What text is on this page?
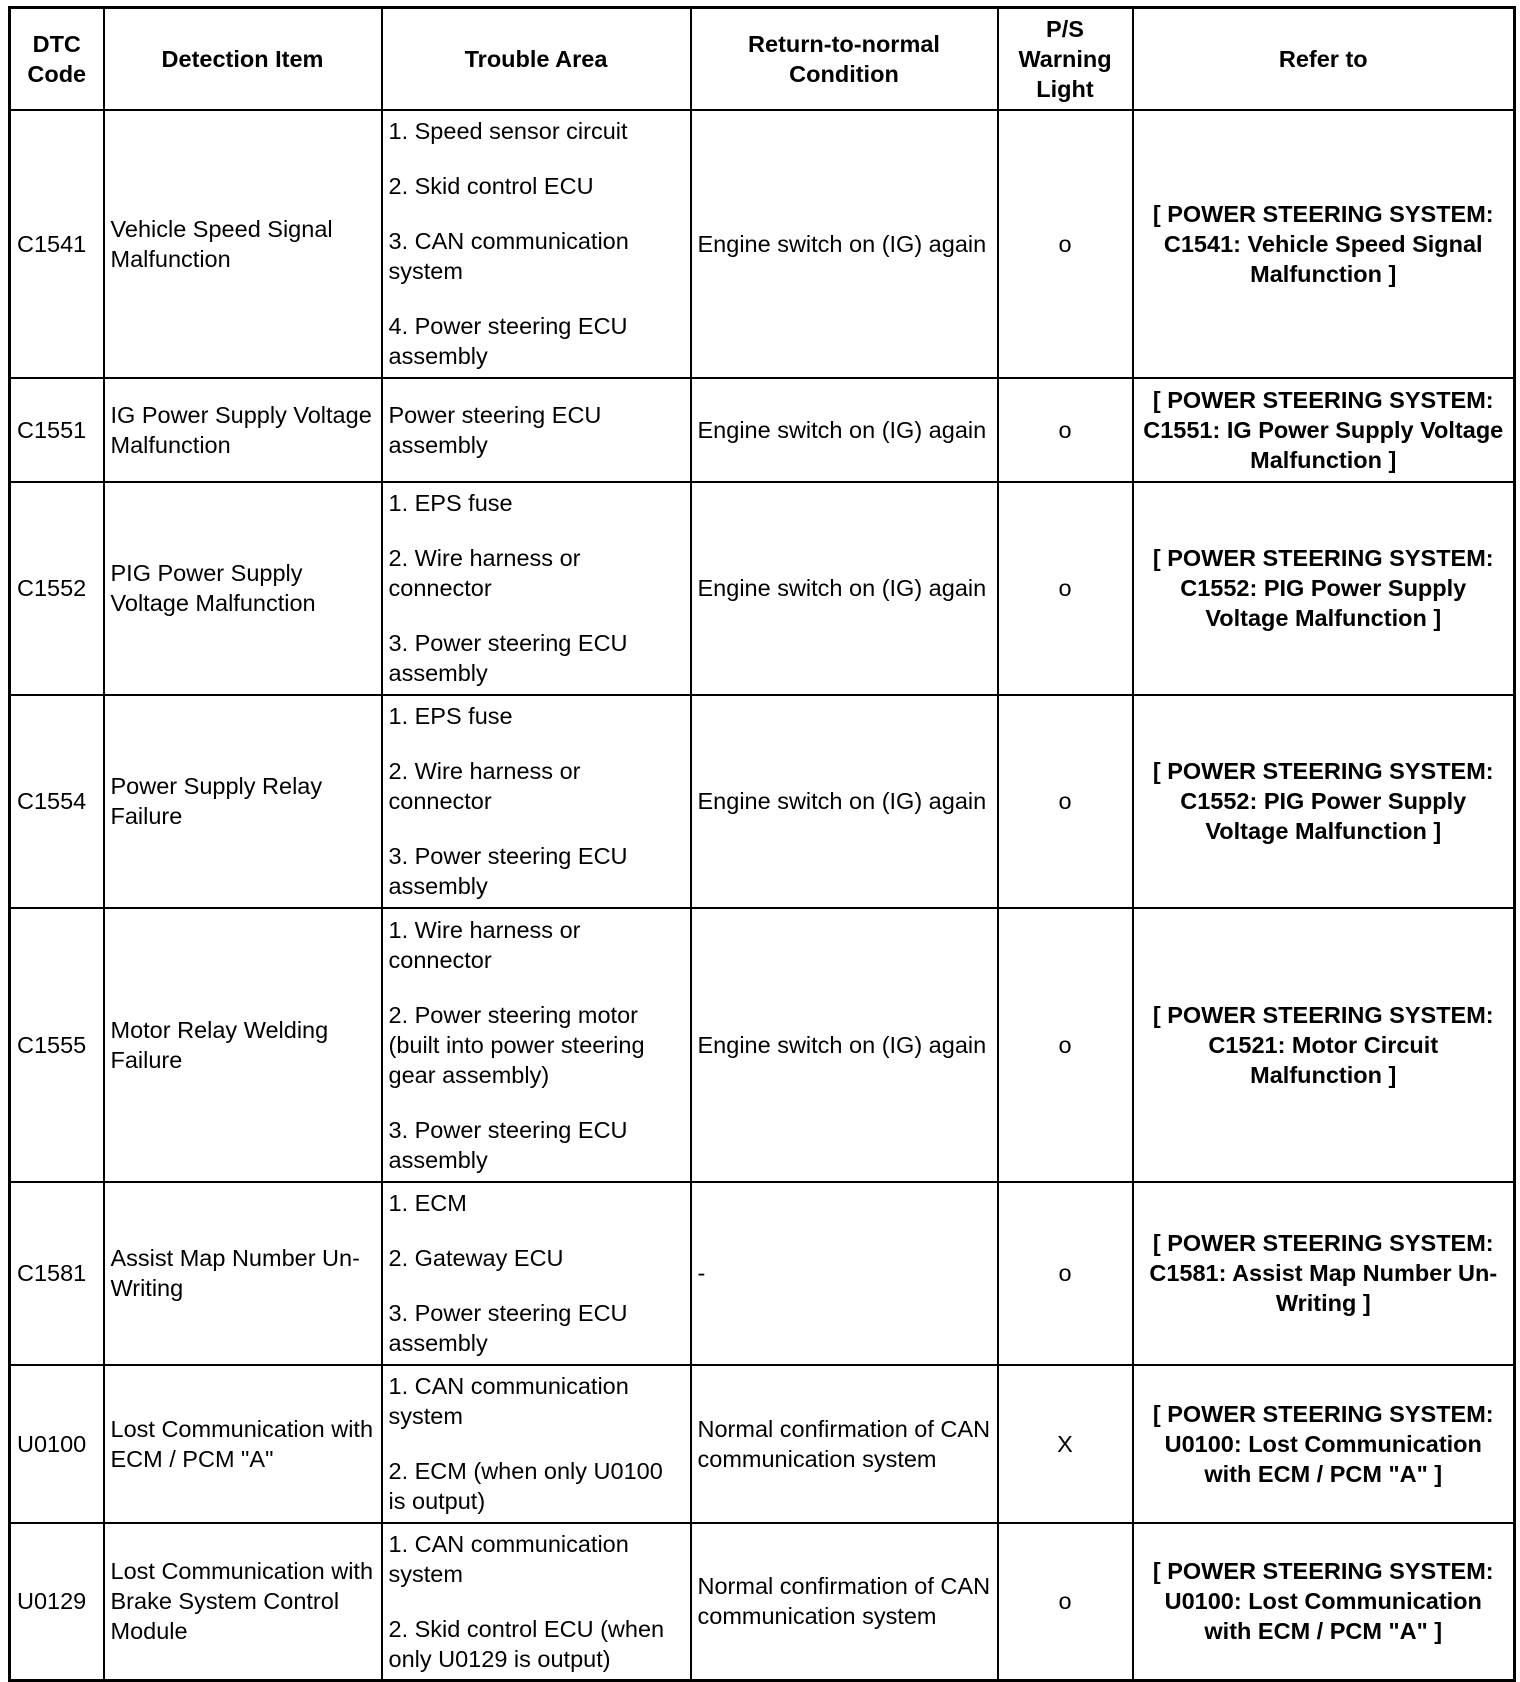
DTC Code	Detection Item	Trouble Area	Return-to-normal Condition	P/S Warning Light	Refer to
C1541	Vehicle Speed Signal Malfunction	1. Speed sensor circuit
2. Skid control ECU
3. CAN communication system
4. Power steering ECU assembly	Engine switch on (IG) again	o	[ POWER STEERING SYSTEM: C1541: Vehicle Speed Signal Malfunction ]
C1551	IG Power Supply Voltage Malfunction	Power steering ECU assembly	Engine switch on (IG) again	o	[ POWER STEERING SYSTEM: C1551: IG Power Supply Voltage Malfunction ]
C1552	PIG Power Supply Voltage Malfunction	1. EPS fuse
2. Wire harness or connector
3. Power steering ECU assembly	Engine switch on (IG) again	o	[ POWER STEERING SYSTEM: C1552: PIG Power Supply Voltage Malfunction ]
C1554	Power Supply Relay Failure	1. EPS fuse
2. Wire harness or connector
3. Power steering ECU assembly	Engine switch on (IG) again	o	[ POWER STEERING SYSTEM: C1552: PIG Power Supply Voltage Malfunction ]
C1555	Motor Relay Welding Failure	1. Wire harness or connector
2. Power steering motor (built into power steering gear assembly)
3. Power steering ECU assembly	Engine switch on (IG) again	o	[ POWER STEERING SYSTEM: C1521: Motor Circuit Malfunction ]
C1581	Assist Map Number Un-Writing	1. ECM
2. Gateway ECU
3. Power steering ECU assembly	-	o	[ POWER STEERING SYSTEM: C1581: Assist Map Number Un-Writing ]
U0100	Lost Communication with ECM / PCM "A"	1. CAN communication system
2. ECM (when only U0100 is output)	Normal confirmation of CAN communication system	X	[ POWER STEERING SYSTEM: U0100: Lost Communication with ECM / PCM "A" ]
U0129	Lost Communication with Brake System Control Module	1. CAN communication system
2. Skid control ECU (when only U0129 is output)	Normal confirmation of CAN communication system	o	[ POWER STEERING SYSTEM: U0100: Lost Communication with ECM / PCM "A" ]
